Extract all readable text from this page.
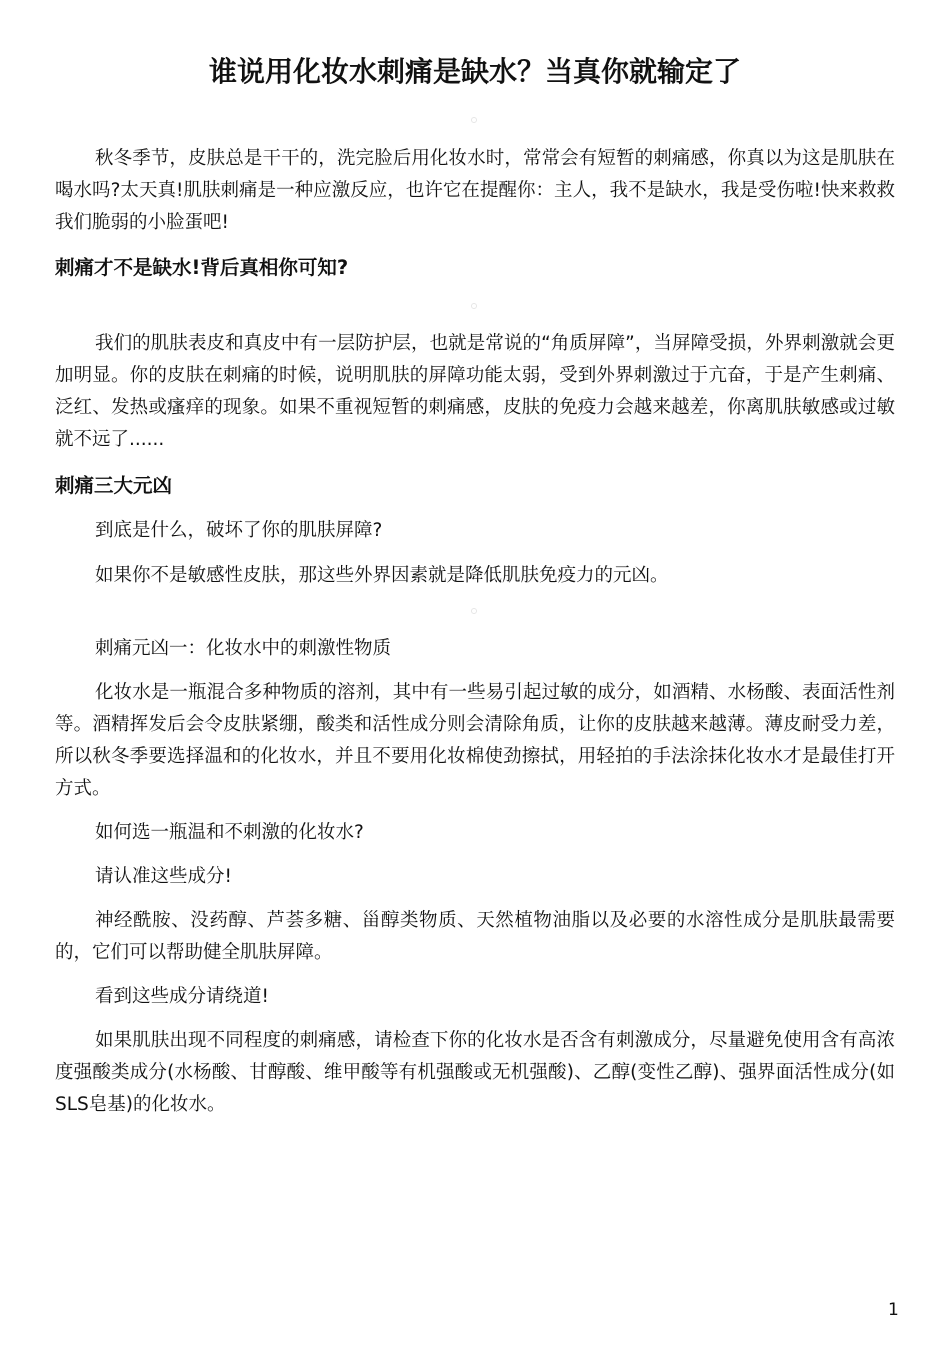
谁说用化妆水刺痛是缺水？当真你就输定了

秋冬季节，皮肤总是干干的，洗完脸后用化妆水时，常常会有短暂的刺痛感，你真以为这是肌肤在喝水吗?太天真!肌肤刺痛是一种应激反应，也许它在提醒你：主人，我不是缺水，我是受伤啦!快来救救我们脆弱的小脸蛋吧!

刺痛才不是缺水!背后真相你可知?

我们的肌肤表皮和真皮中有一层防护层，也就是常说的“角质屏障”，当屏障受损，外界刺激就会更加明显。你的皮肤在刺痛的时候，说明肌肤的屏障功能太弱，受到外界刺激过于亢奋，于是产生刺痛、泛红、发热或瘙痒的现象。如果不重视短暂的刺痛感，皮肤的免疫力会越来越差，你离肌肤敏感或过敏就不远了......

刺痛三大元凶

到底是什么，破坏了你的肌肤屏障?

如果你不是敏感性皮肤，那这些外界因素就是降低肌肤免疫力的元凶。

刺痛元凶一：化妆水中的刺激性物质

化妆水是一瓶混合多种物质的溶剂，其中有一些易引起过敏的成分，如酒精、水杨酸、表面活性剂等。酒精挥发后会令皮肤紧绷，酸类和活性成分则会清除角质，让你的皮肤越来越薄。薄皮耐受力差，所以秋冬季要选择温和的化妆水，并且不要用化妆棉使劲擦拭，用轻拍的手法涂抹化妆水才是最佳打开方式。

如何选一瓶温和不刺激的化妆水?

请认准这些成分!

神经酰胺、没药醇、芦荟多糖、甾醇类物质、天然植物油脂以及必要的水溶性成分是肌肤最需要的，它们可以帮助健全肌肤屏障。

看到这些成分请绕道!

如果肌肤出现不同程度的刺痛感，请检查下你的化妆水是否含有刺激成分，尽量避免使用含有高浓度强酸类成分(水杨酸、甘醇酸、维甲酸等有机强酸或无机强酸)、乙醇(变性乙醇)、强界面活性成分(如SLS皂基)的化妆水。

1
